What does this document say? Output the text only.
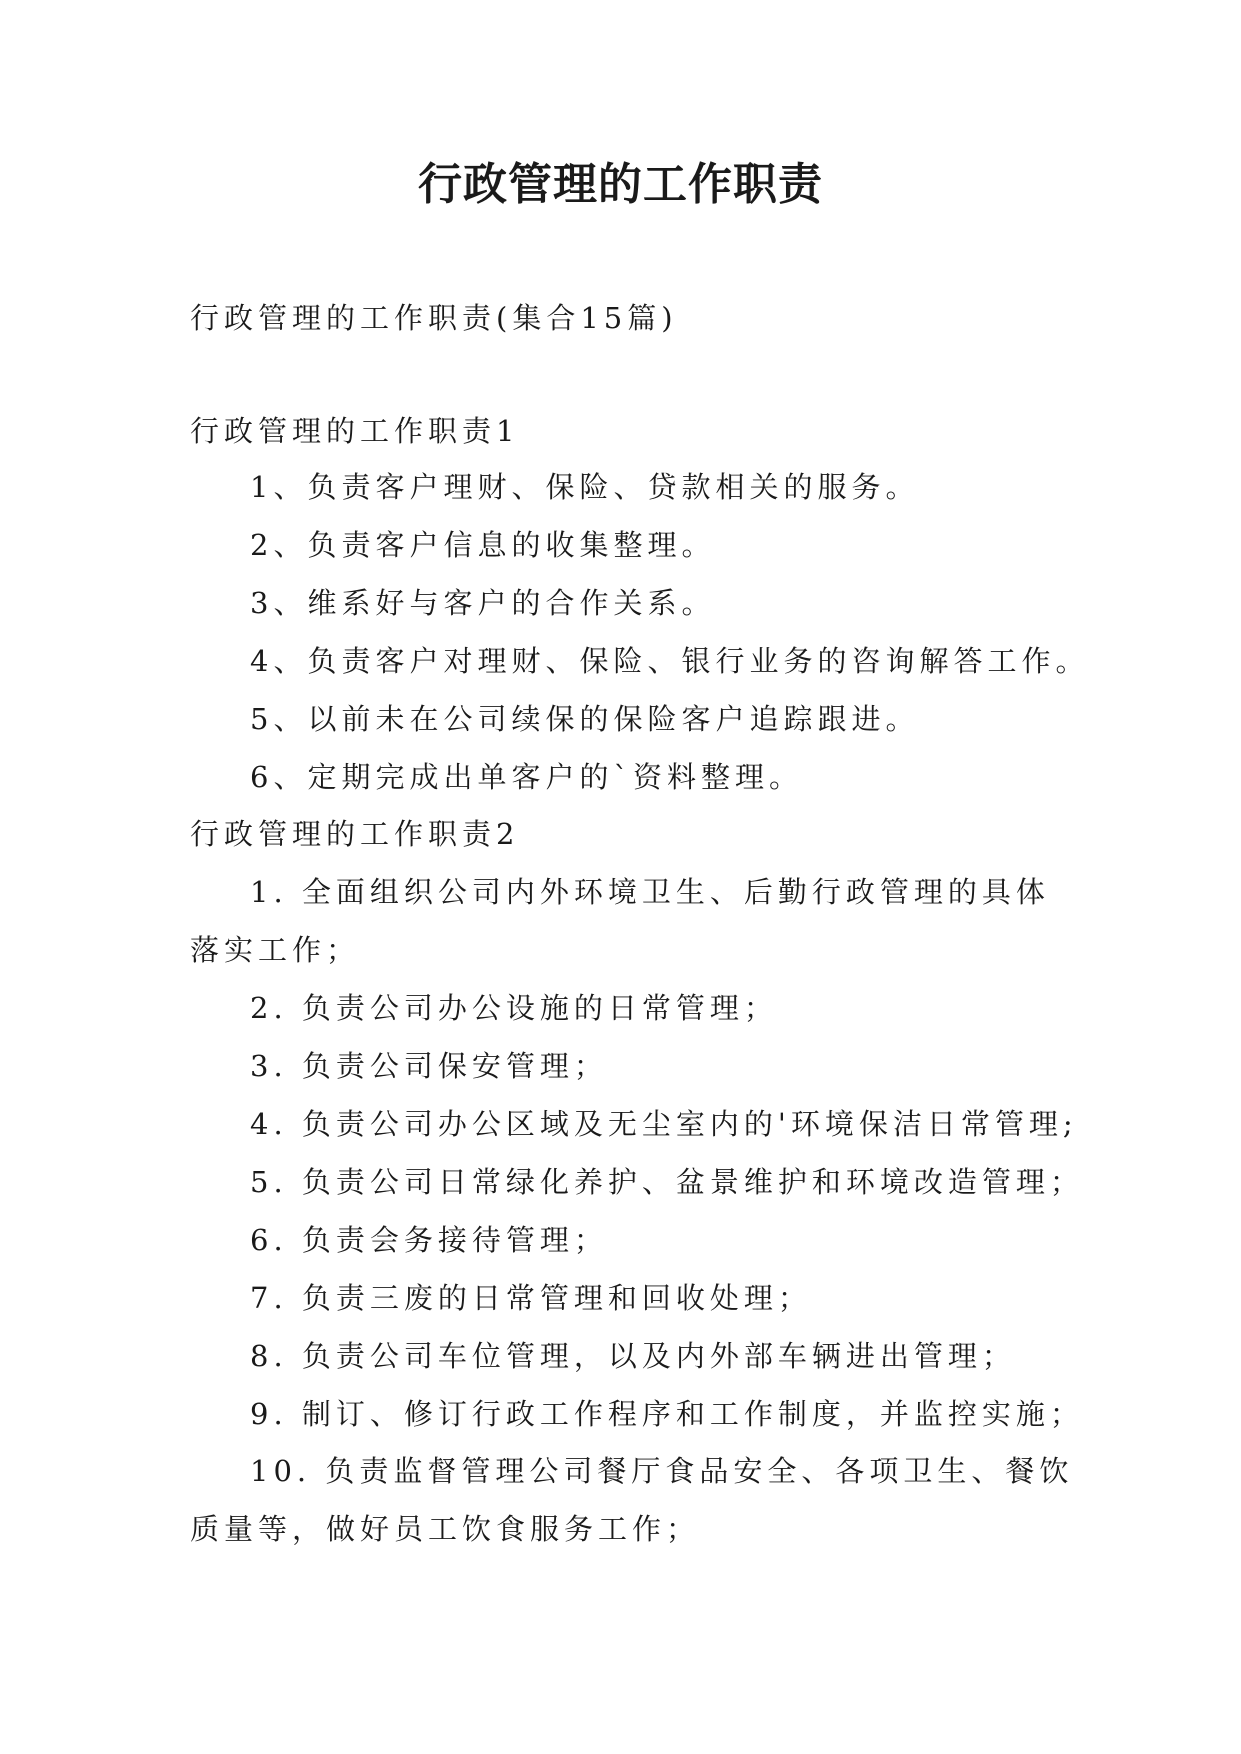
行政管理的工作职责
行政管理的工作职责(集合15篇)
行政管理的工作职责1
1、负责客户理财、保险、贷款相关的服务。
2、负责客户信息的收集整理。
3、维系好与客户的合作关系。
4、负责客户对理财、保险、银行业务的咨询解答工作。
5、以前未在公司续保的保险客户追踪跟进。
6、定期完成出单客户的`资料整理。
行政管理的工作职责2
1. 全面组织公司内外环境卫生、后勤行政管理的具体
落实工作；
2. 负责公司办公设施的日常管理；
3. 负责公司保安管理；
4. 负责公司办公区域及无尘室内的'环境保洁日常管理;
5. 负责公司日常绿化养护、盆景维护和环境改造管理；
6. 负责会务接待管理；
7. 负责三废的日常管理和回收处理；
8. 负责公司车位管理，以及内外部车辆进出管理；
9. 制订、修订行政工作程序和工作制度，并监控实施；
10. 负责监督管理公司餐厅食品安全、各项卫生、餐饮
质量等，做好员工饮食服务工作；
